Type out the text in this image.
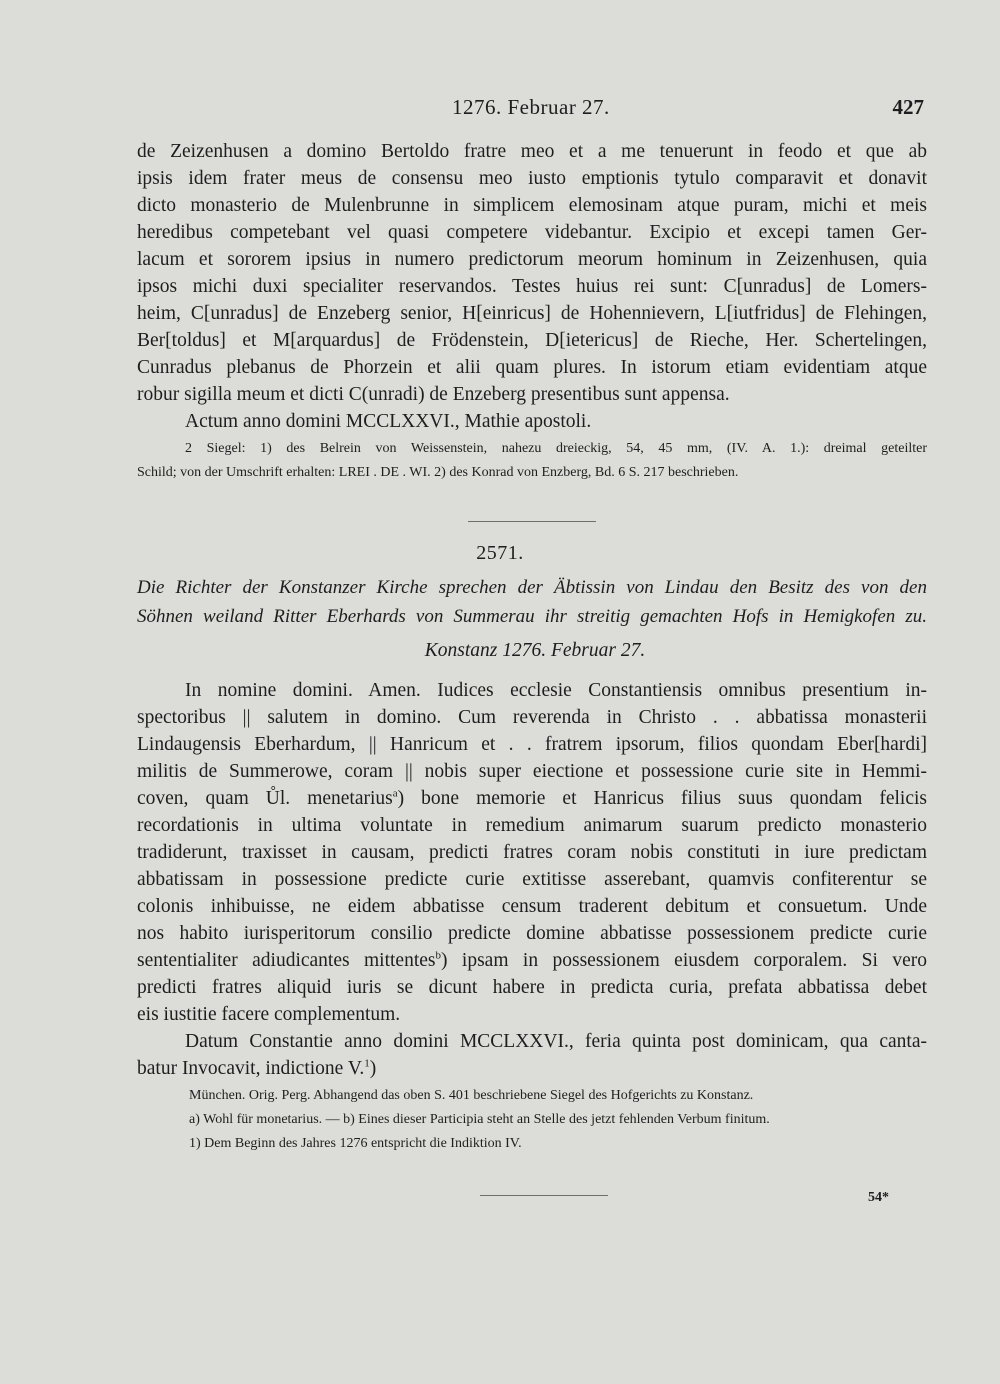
1276. Februar 27.	427
de Zeizenhusen a domino Bertoldo fratre meo et a me tenuerunt in feodo et que ab
ipsis idem frater meus de consensu meo iusto emptionis tytulo comparavit et donavit
dicto monasterio de Mulenbrunne in simplicem elemosinam atque puram, michi et meis
heredibus competebant vel quasi competere videbantur. Excipio et excepi tamen Ger-
lacum et sororem ipsius in numero predictorum meorum hominum in Zeizenhusen, quia
ipsos michi duxi specialiter reservandos. Testes huius rei sunt: C[unradus] de Lomers-
heim, C[unradus] de Enzeberg senior, H[einricus] de Hohennievern, L[iutfridus] de Flehingen,
Ber[toldus] et M[arquardus] de Frödenstein, D[ietericus] de Rieche, Her. Schertelingen,
Cunradus plebanus de Phorzein et alii quam plures. In istorum etiam evidentiam atque
robur sigilla meum et dicti C(unradi) de Enzeberg presentibus sunt appensa.
Actum anno domini MCCLXXVI., Mathie apostoli.
2 Siegel: 1) des Belrein von Weissenstein, nahezu dreieckig, 54, 45 mm, (IV. A. 1.): dreimal geteilter
Schild; von der Umschrift erhalten: LREI . DE . WI. 2) des Konrad von Enzberg, Bd. 6 S. 217 beschrieben.
2571.
Die Richter der Konstanzer Kirche sprechen der Äbtissin von Lindau den Besitz des von den
Söhnen weiland Ritter Eberhards von Summerau ihr streitig gemachten Hofs in Hemigkofen zu.
Konstanz 1276. Februar 27.
In nomine domini. Amen. Iudices ecclesie Constantiensis omnibus presentium in-
spectoribus || salutem in domino. Cum reverenda in Christo . . abbatissa monasterii
Lindaugensis Eberhardum, || Hanricum et . . fratrem ipsorum, filios quondam Eber[hardi]
militis de Summerowe, coram || nobis super eiectione et possessione curie site in Hemmi-
coven, quam Ůl. menetarius$^a$) bone memorie et Hanricus filius suus quondam felicis
recordationis in ultima voluntate in remedium animarum suarum predicto monasterio
tradiderunt, traxisset in causam, predicti fratres coram nobis constituti in iure predictam
abbatissam in possessione predicte curie extitisse asserebant, quamvis confiterentur se
colonis inhibuisse, ne eidem abbatisse censum traderent debitum et consuetum. Unde
nos habito iurisperitorum consilio predicte domine abbatisse possessionem predicte curie
sententialiter adiudicantes mittentes$^b$) ipsam in possessionem eiusdem corporalem. Si vero
predicti fratres aliquid iuris se dicunt habere in predicta curia, prefata abbatissa debet
eis iustitie facere complementum.
Datum Constantie anno domini MCCLXXVI., feria quinta post dominicam, qua canta-
batur Invocavit, indictione V.$^1$)
München. Orig. Perg. Abhangend das oben S. 401 beschriebene Siegel des Hofgerichts zu Konstanz.
a) Wohl für monetarius. — b) Eines dieser Participia steht an Stelle des jetzt fehlenden Verbum finitum.
1) Dem Beginn des Jahres 1276 entspricht die Indiktion IV.
54*
